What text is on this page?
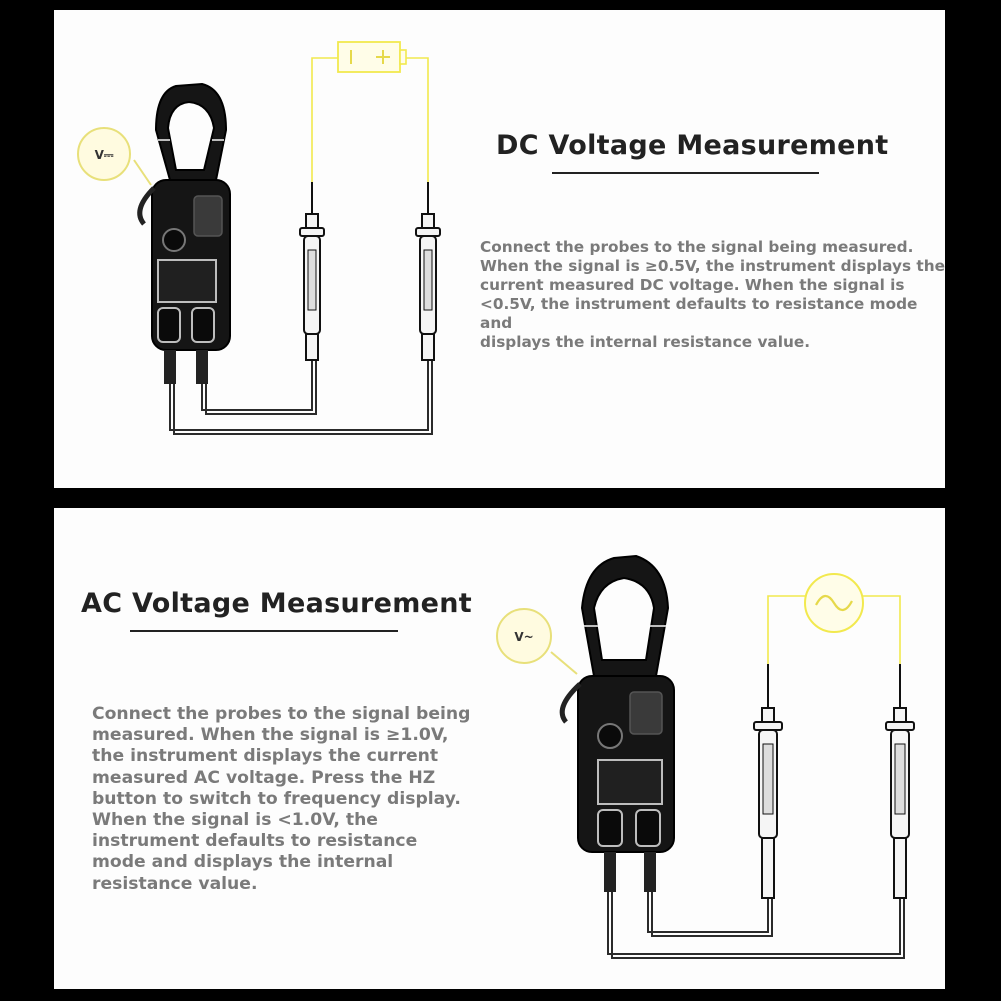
V⎓	DC Voltage Measurement
Connect the probes to the signal being measured.
When the signal is ≥0.5V, the instrument displays the
current measured DC voltage. When the signal is
<0.5V, the instrument defaults to resistance mode and
displays the internal resistance value.
V~
AC Voltage Measurement
Connect the probes to the signal being
measured. When the signal is ≥1.0V,
the instrument displays the current
measured AC voltage. Press the HZ
button to switch to frequency display.
When the signal is <1.0V, the
instrument defaults to resistance
mode and displays the internal
resistance value.
